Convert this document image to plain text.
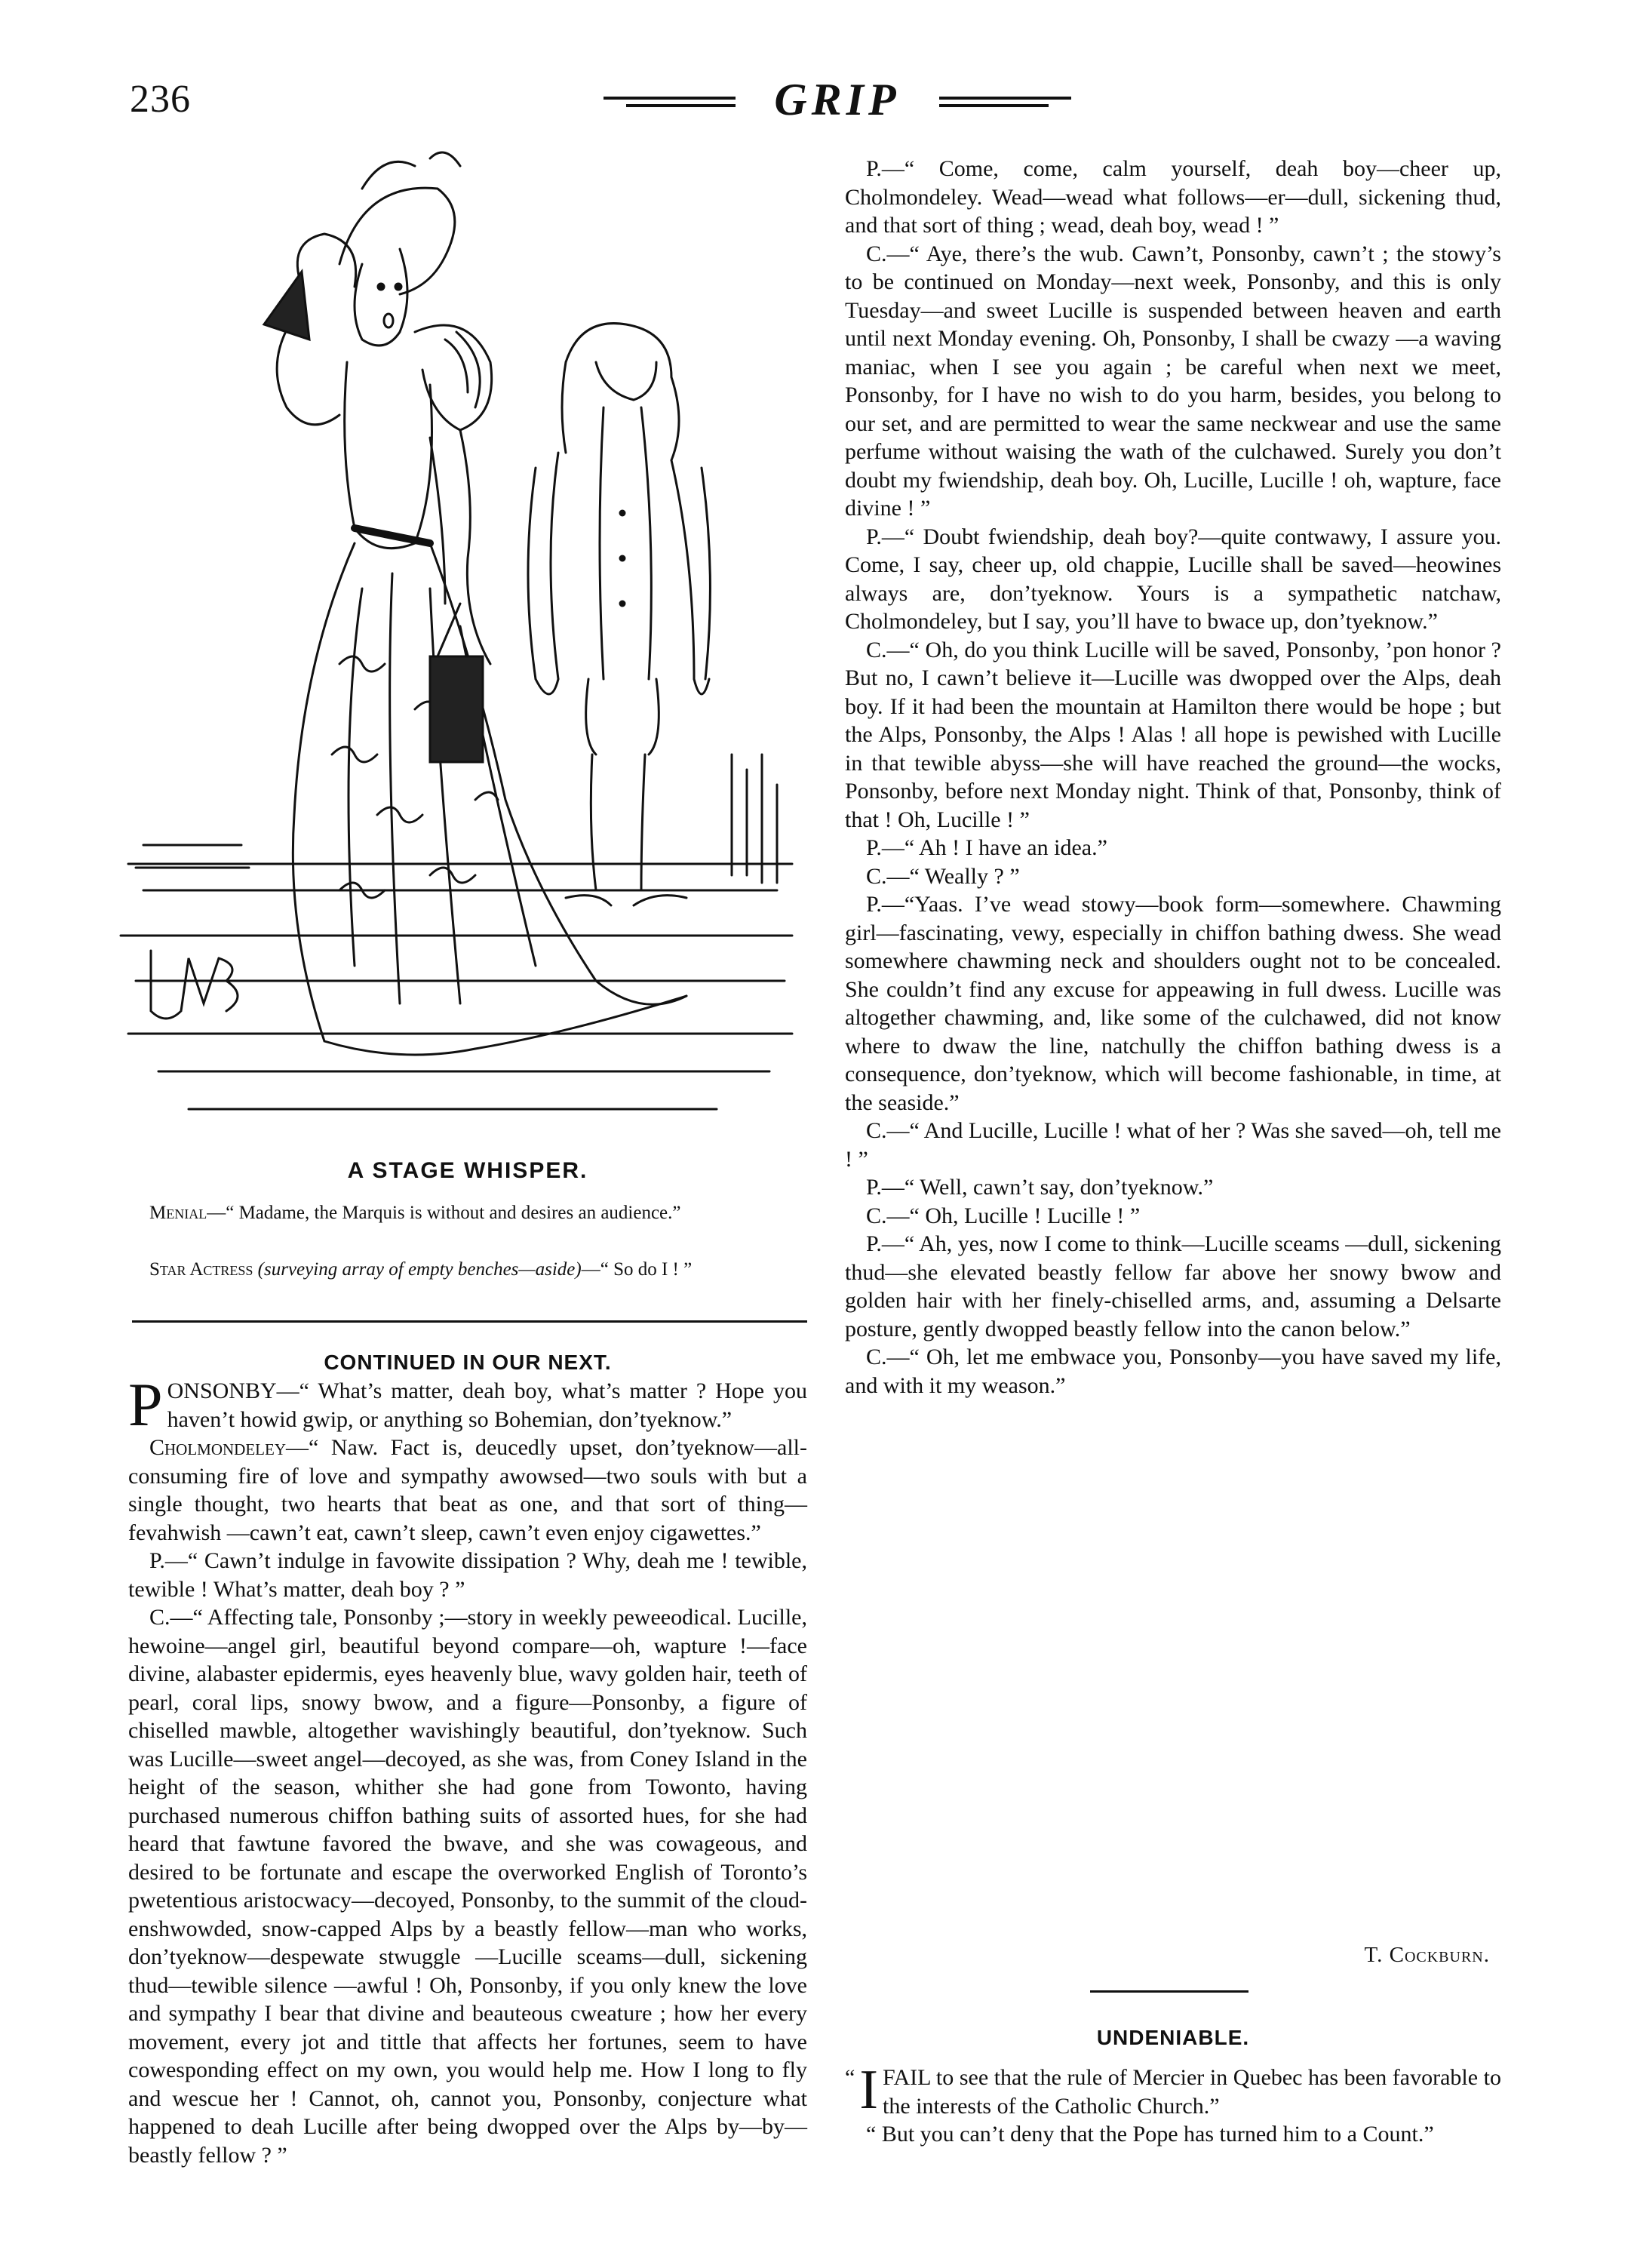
236	GRIP
A STAGE WHISPER.
Menial—“ Madame, the Marquis is without and desires an audience.”
Star Actress (surveying array of empty benches—aside)—“ So do I ! ”
CONTINUED IN OUR NEXT.

PONSONBY—“ What’s matter, deah boy, what’s matter ? Hope you haven’t howid gwip, or anything so Bohemian, don’tyeknow.”

Cholmondeley—“ Naw. Fact is, deucedly upset, don’tyeknow—all-consuming fire of love and sympathy awowsed—two souls with but a single thought, two hearts that beat as one, and that sort of thing—fevahwish —cawn’t eat, cawn’t sleep, cawn’t even enjoy cigawettes.”

P.—“ Cawn’t indulge in favowite dissipation ? Why, deah me ! tewible, tewible ! What’s matter, deah boy ? ”

C.—“ Affecting tale, Ponsonby ;—story in weekly peweeodical. Lucille, hewoine—angel girl, beautiful beyond compare—oh, wapture !—face divine, alabaster epidermis, eyes heavenly blue, wavy golden hair, teeth of pearl, coral lips, snowy bwow, and a figure—Ponsonby, a figure of chiselled mawble, altogether wavishingly beautiful, don’tyeknow. Such was Lucille—sweet angel—decoyed, as she was, from Coney Island in the height of the season, whither she had gone from Towonto, having purchased numerous chiffon bathing suits of assorted hues, for she had heard that fawtune favored the bwave, and she was cowageous, and desired to be fortunate and escape the overworked English of Toronto’s pwetentious aristocwacy—decoyed, Ponsonby, to the summit of the cloud-enshwowded, snow-capped Alps by a beastly fellow—man who works, don’tyeknow—despewate stwuggle —Lucille sceams—dull, sickening thud—tewible silence —awful ! Oh, Ponsonby, if you only knew the love and sympathy I bear that divine and beauteous cweature ; how her every movement, every jot and tittle that affects her fortunes, seem to have cowesponding effect on my own, you would help me. How I long to fly and wescue her ! Cannot, oh, cannot you, Ponsonby, conjecture what happened to deah Lucille after being dwopped over the Alps by—by—beastly fellow ? ”

P.—“ Come, come, calm yourself, deah boy—cheer up, Cholmondeley. Wead—wead what follows—er—dull, sickening thud, and that sort of thing ; wead, deah boy, wead ! ”

C.—“ Aye, there’s the wub. Cawn’t, Ponsonby, cawn’t ; the stowy’s to be continued on Monday—next week, Ponsonby, and this is only Tuesday—and sweet Lucille is suspended between heaven and earth until next Monday evening. Oh, Ponsonby, I shall be cwazy —a waving maniac, when I see you again ; be careful when next we meet, Ponsonby, for I have no wish to do you harm, besides, you belong to our set, and are permitted to wear the same neckwear and use the same perfume without waising the wath of the culchawed. Surely you don’t doubt my fwiendship, deah boy. Oh, Lucille, Lucille ! oh, wapture, face divine ! ”

P.—“ Doubt fwiendship, deah boy?—quite contwawy, I assure you. Come, I say, cheer up, old chappie, Lucille shall be saved—heowines always are, don’tyeknow. Yours is a sympathetic natchaw, Cholmondeley, but I say, you’ll have to bwace up, don’tyeknow.”

C.—“ Oh, do you think Lucille will be saved, Ponsonby, ’pon honor ? But no, I cawn’t believe it—Lucille was dwopped over the Alps, deah boy. If it had been the mountain at Hamilton there would be hope ; but the Alps, Ponsonby, the Alps ! Alas ! all hope is pewished with Lucille in that tewible abyss—she will have reached the ground—the wocks, Ponsonby, before next Monday night. Think of that, Ponsonby, think of that ! Oh, Lucille ! ”

P.—“ Ah ! I have an idea.”

C.—“ Weally ? ”

P.—“Yaas. I’ve wead stowy—book form—somewhere. Chawming girl—fascinating, vewy, especially in chiffon bathing dwess. She wead somewhere chawming neck and shoulders ought not to be concealed. She couldn’t find any excuse for appeawing in full dwess. Lucille was altogether chawming, and, like some of the culchawed, did not know where to dwaw the line, natchully the chiffon bathing dwess is a consequence, don’tyeknow, which will become fashionable, in time, at the seaside.”

C.—“ And Lucille, Lucille ! what of her ? Was she saved—oh, tell me ! ”

P.—“ Well, cawn’t say, don’tyeknow.”

C.—“ Oh, Lucille ! Lucille ! ”

P.—“ Ah, yes, now I come to think—Lucille sceams —dull, sickening thud—she elevated beastly fellow far above her snowy bwow and golden hair with her finely-chiselled arms, and, assuming a Delsarte posture, gently dwopped beastly fellow into the canon below.”

C.—“ Oh, let me embwace you, Ponsonby—you have saved my life, and with it my weason.”

T. Cockburn.
UNDENIABLE.

“ I FAIL to see that the rule of Mercier in Quebec has been favorable to the interests of the Catholic Church.”

“ But you can’t deny that the Pope has turned him to a Count.”
